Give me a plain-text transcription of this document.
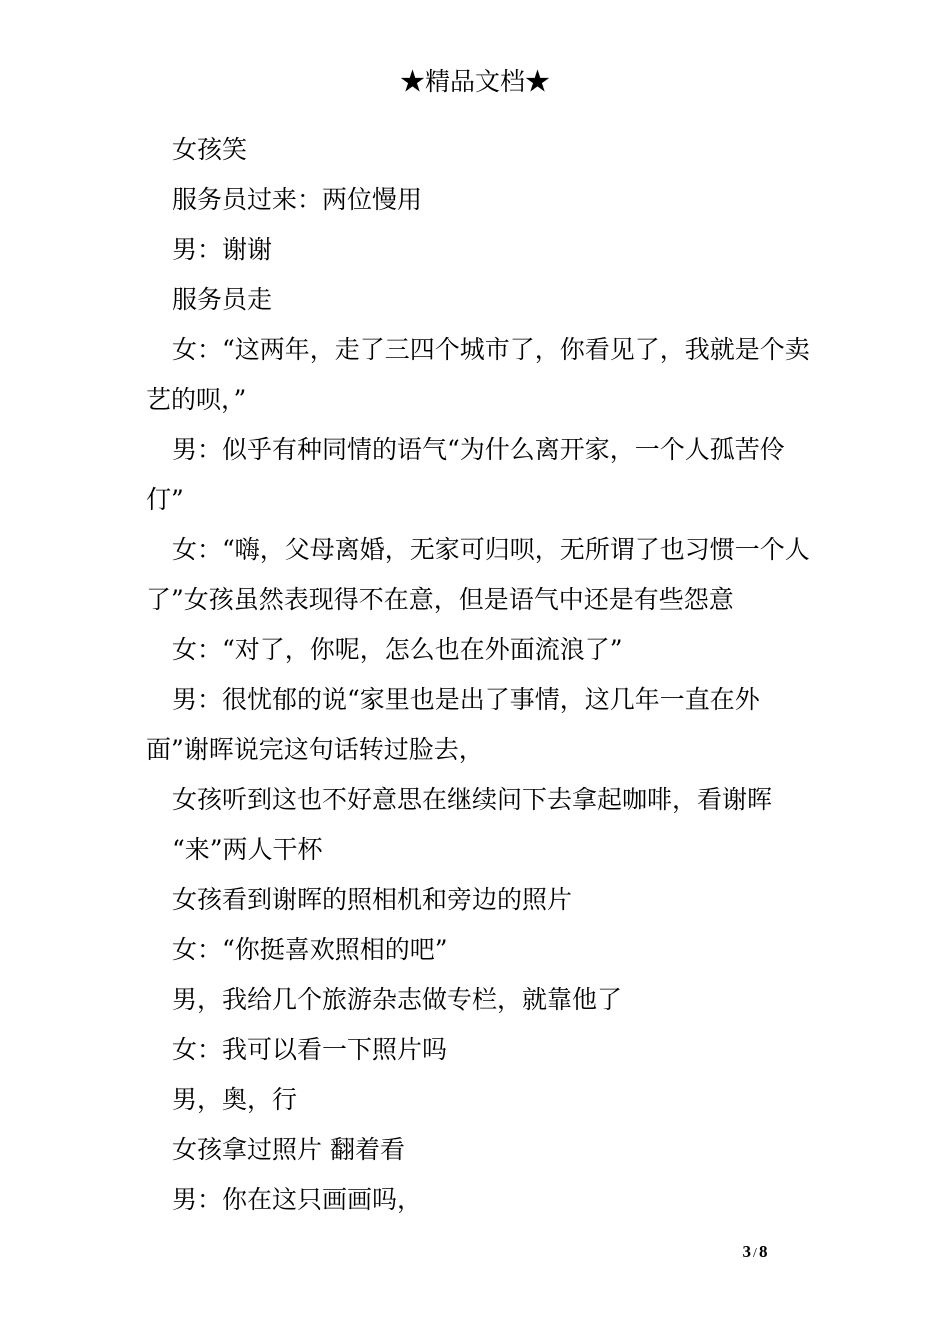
★精品文档★

女孩笑

服务员过来：两位慢用

男：谢谢

服务员走

女：“这两年，走了三四个城市了，你看见了，我就是个卖艺的呗，”

男：似乎有种同情的语气“为什么离开家，一个人孤苦伶仃”

女：“嗨，父母离婚，无家可归呗，无所谓了也习惯一个人了”女孩虽然表现得不在意，但是语气中还是有些怨意

女：“对了，你呢，怎么也在外面流浪了”

男：很忧郁的说“家里也是出了事情，这几年一直在外面”谢晖说完这句话转过脸去，

女孩听到这也不好意思在继续问下去拿起咖啡，看谢晖

“来”两人干杯

女孩看到谢晖的照相机和旁边的照片

女：“你挺喜欢照相的吧”

男，我给几个旅游杂志做专栏，就靠他了

女：我可以看一下照片吗

男，奥，行

女孩拿过照片 翻着看

男：你在这只画画吗，

3 / 8
